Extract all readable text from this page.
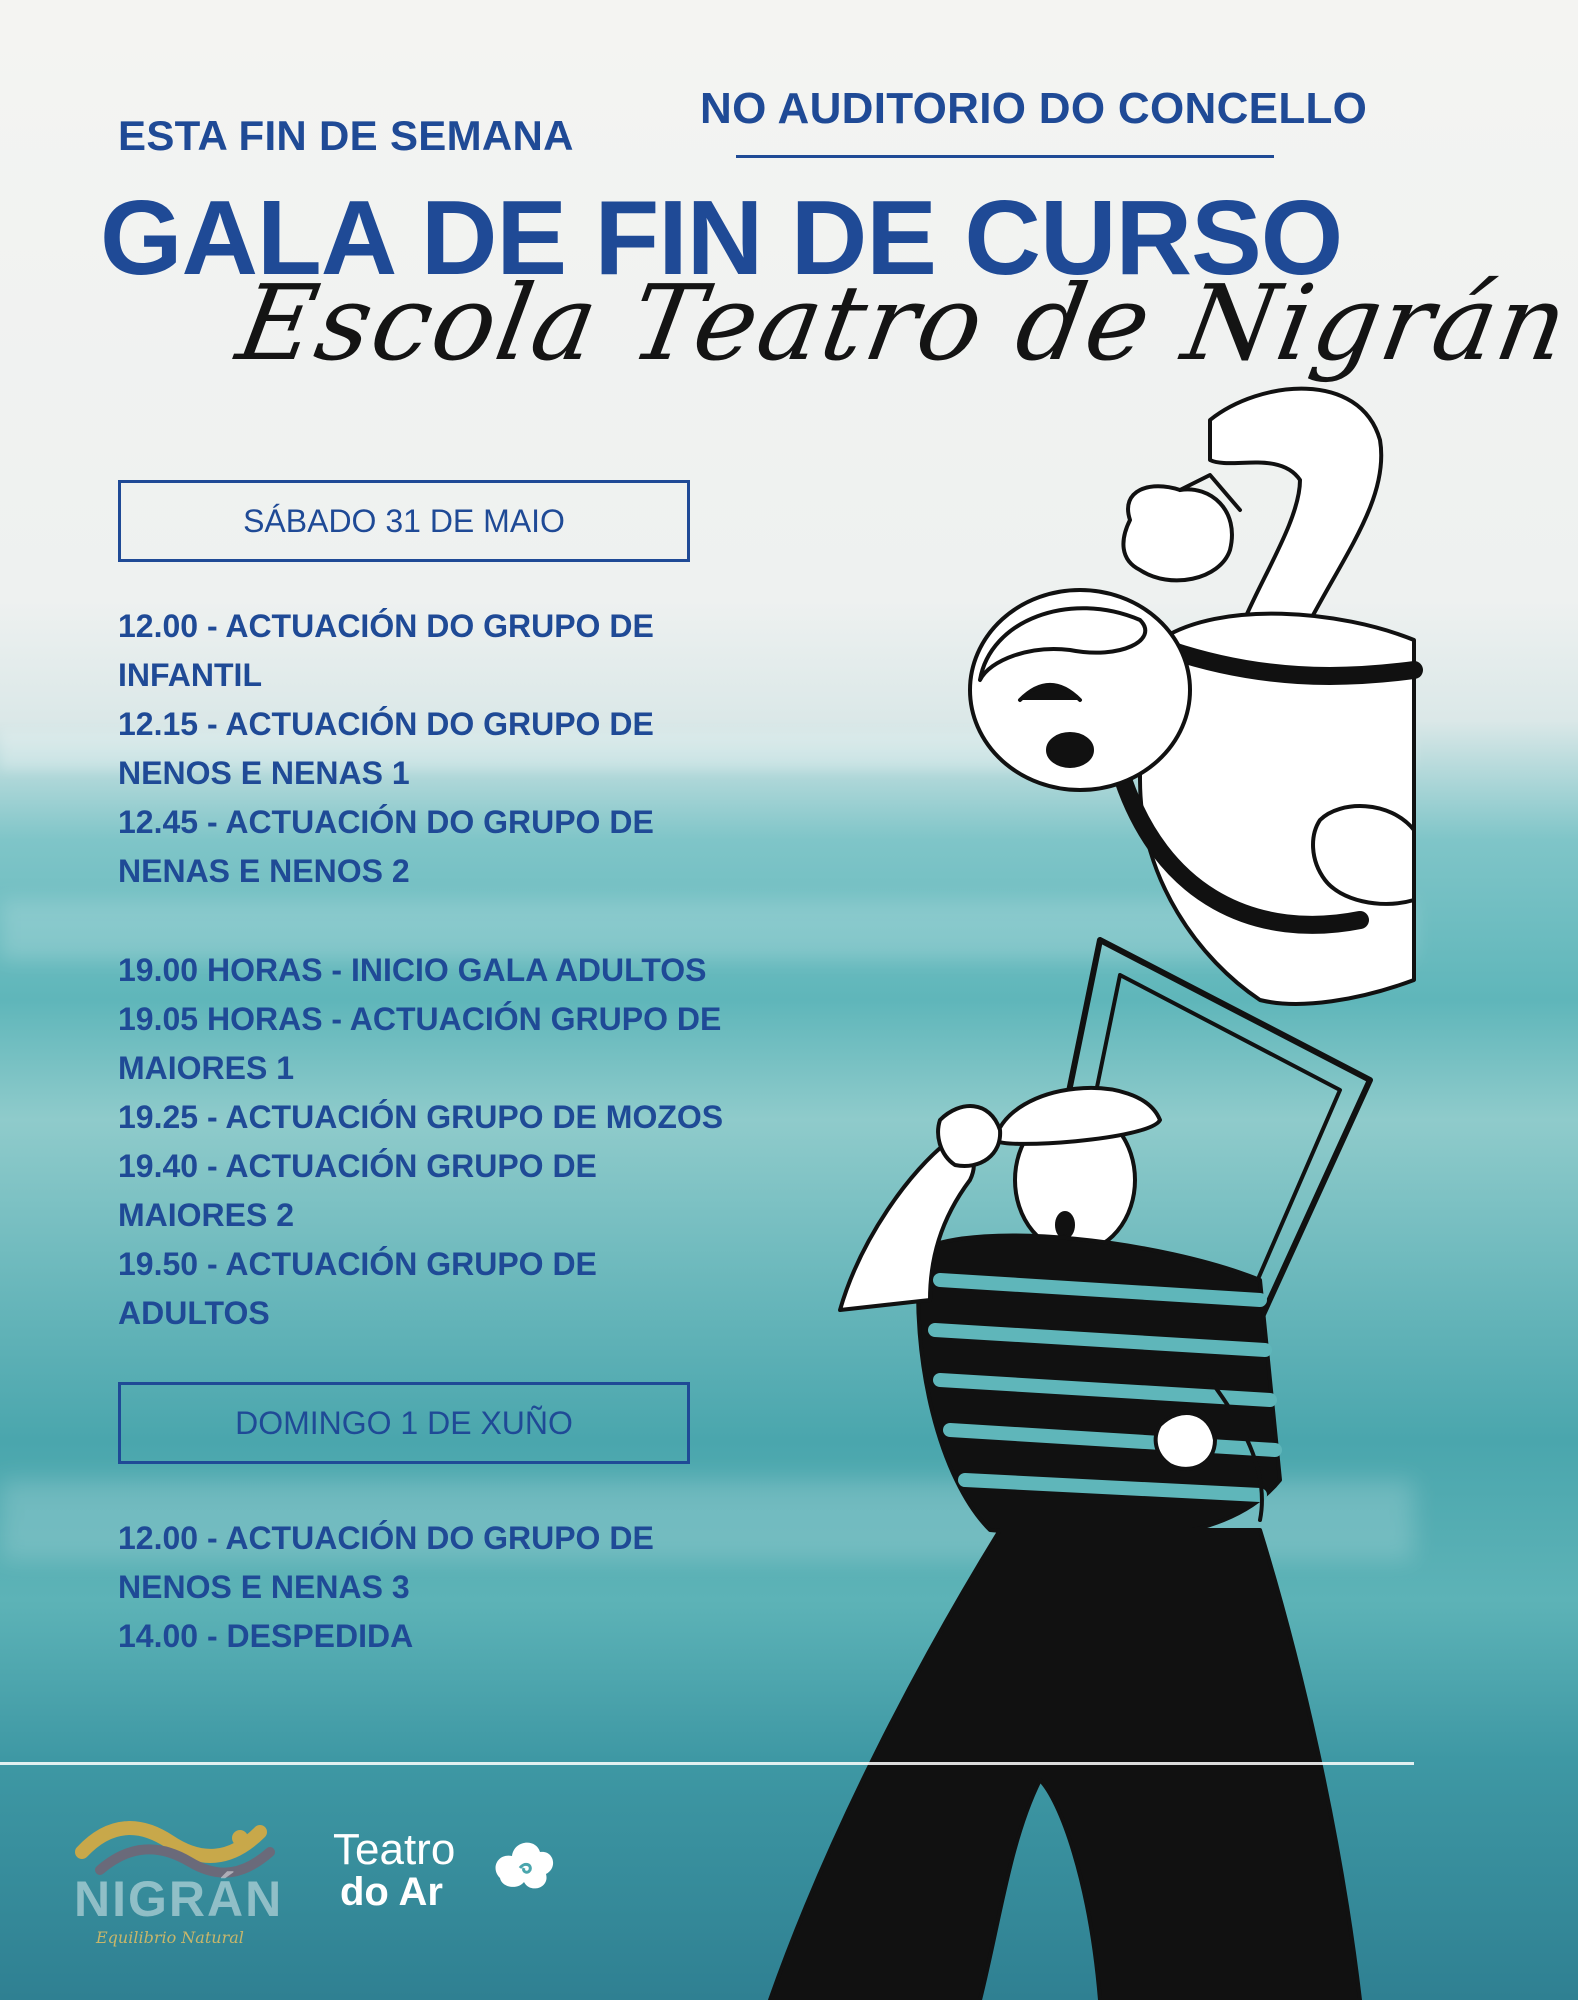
ESTA FIN DE SEMANA
NO AUDITORIO DO CONCELLO
GALA DE FIN DE CURSO
Escola Teatro de Nigrán
SÁBADO 31 DE MAIO
12.00 - ACTUACIÓN DO GRUPO DE
INFANTIL
12.15 - ACTUACIÓN DO GRUPO DE
NENOS E NENAS 1
12.45 - ACTUACIÓN DO GRUPO DE
NENAS E NENOS 2
19.00 HORAS - INICIO GALA ADULTOS
19.05 HORAS - ACTUACIÓN GRUPO DE
MAIORES 1
19.25 - ACTUACIÓN GRUPO DE MOZOS
19.40 - ACTUACIÓN GRUPO DE
MAIORES 2
19.50 - ACTUACIÓN GRUPO DE
ADULTOS
DOMINGO 1 DE XUÑO
12.00 - ACTUACIÓN DO GRUPO DE
NENOS E NENAS 3
14.00 - DESPEDIDA
NIGRÁN
Equilibrio Natural
Teatro
do Ar
